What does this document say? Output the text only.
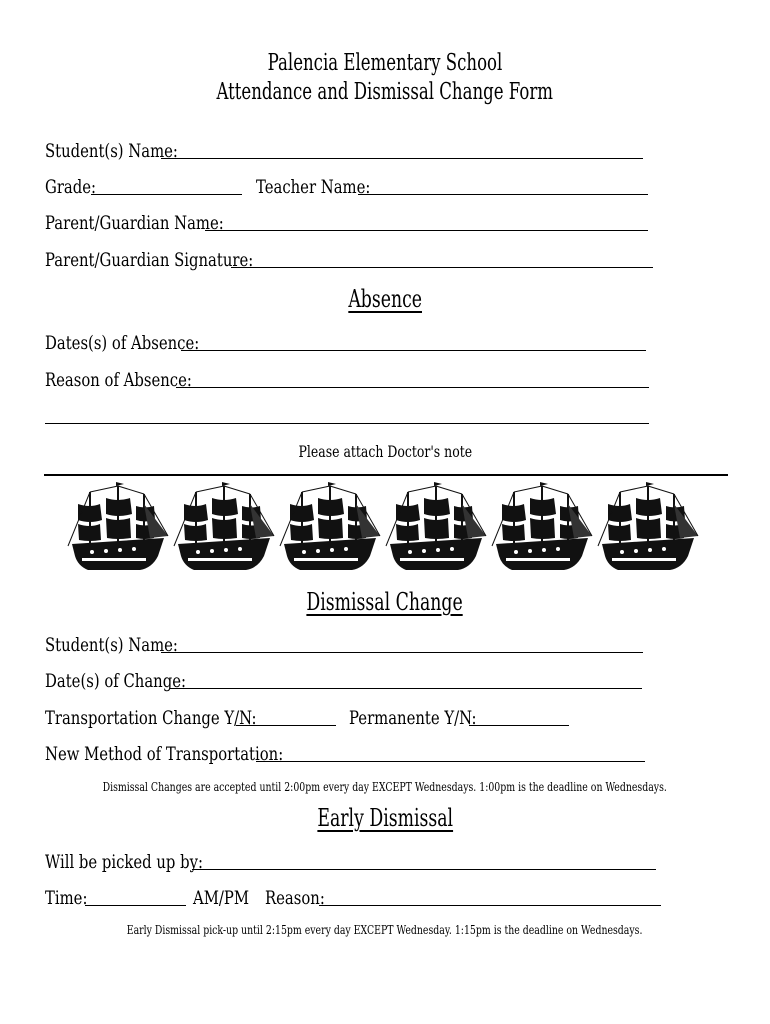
Palencia Elementary School
Attendance and Dismissal Change Form
Student(s) Name:
Grade:	Teacher Name:
Parent/Guardian Name:
Parent/Guardian Signature:
Absence
Dates(s) of Absence:
Reason of Absence:
Please attach Doctor's note
Dismissal Change
Student(s) Name:
Date(s) of Change:
Transportation Change Y/N:	Permanente Y/N:
New Method of Transportation:
Dismissal Changes are accepted until 2:00pm every day EXCEPT Wednesdays. 1:00pm is the deadline on Wednesdays.
Early Dismissal
Will be picked up by:
Time:	AM/PM Reason:
Early Dismissal pick-up until 2:15pm every day EXCEPT Wednesday. 1:15pm is the deadline on Wednesdays.
